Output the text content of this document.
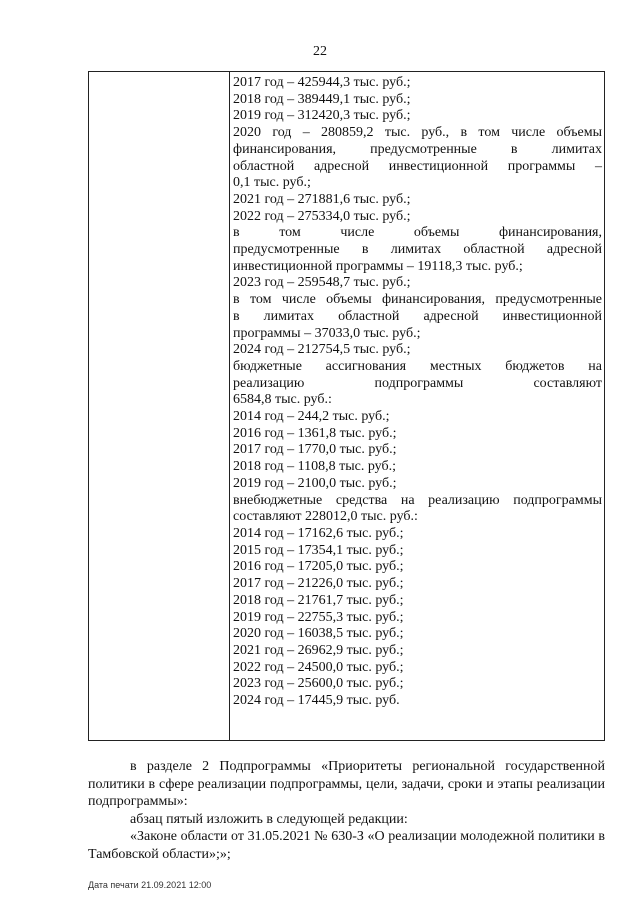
22
2017 год – 425944,3 тыс. руб.;
2018 год – 389449,1 тыс. руб.;
2019 год – 312420,3 тыс. руб.;
2020 год – 280859,2 тыс. руб., в том числе объемы
финансирования, предусмотренные в лимитах
областной адресной инвестиционной программы –
0,1 тыс. руб.;
2021 год – 271881,6 тыс. руб.;
2022 год – 275334,0 тыс. руб.;
в том числе объемы финансирования,
предусмотренные в лимитах областной адресной
инвестиционной программы – 19118,3 тыс. руб.;
2023 год – 259548,7 тыс. руб.;
в том числе объемы финансирования, предусмотренные
в лимитах областной адресной инвестиционной
программы – 37033,0 тыс. руб.;
2024 год – 212754,5 тыс. руб.;
бюджетные ассигнования местных бюджетов на
реализацию подпрограммы составляют
6584,8 тыс. руб.:
2014 год – 244,2 тыс. руб.;
2016 год – 1361,8 тыс. руб.;
2017 год – 1770,0 тыс. руб.;
2018 год – 1108,8 тыс. руб.;
2019 год – 2100,0 тыс. руб.;
внебюджетные средства на реализацию подпрограммы
составляют 228012,0 тыс. руб.:
2014 год – 17162,6 тыс. руб.;
2015 год – 17354,1 тыс. руб.;
2016 год – 17205,0 тыс. руб.;
2017 год – 21226,0 тыс. руб.;
2018 год – 21761,7 тыс. руб.;
2019 год – 22755,3 тыс. руб.;
2020 год – 16038,5 тыс. руб.;
2021 год – 26962,9 тыс. руб.;
2022 год – 24500,0 тыс. руб.;
2023 год – 25600,0 тыс. руб.;
2024 год – 17445,9 тыс. руб.

в разделе 2 Подпрограммы «Приоритеты региональной государственной политики в сфере реализации подпрограммы, цели, задачи, сроки и этапы реализации подпрограммы»:

абзац пятый изложить в следующей редакции:

«Законе области от 31.05.2021 № 630-З «О реализации молодежной политики в Тамбовской области»;»;

Дата печати 21.09.2021 12:00
